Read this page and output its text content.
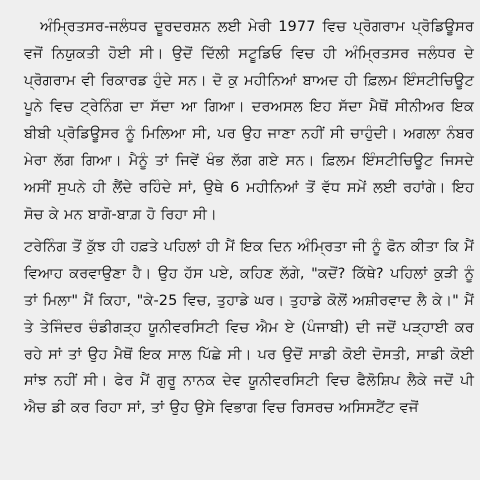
ਅੰਮ੍ਰਿਤਸਰ-ਜਲੰਧਰ ਦੂਰਦਰਸ਼ਨ ਲਈ ਮੇਰੀ 1977 ਵਿਚ ਪ੍ਰੋਗਰਾਮ ਪ੍ਰੋਡਿਊਸਰ ਵਜੋਂ ਨਿਯੁਕਤੀ ਹੋਈ ਸੀ। ਉਦੋਂ ਦਿੱਲੀ ਸਟੂਡਿਓ ਵਿਚ ਹੀ ਅੰਮ੍ਰਿਤਸਰ ਜਲੰਧਰ ਦੇ ਪ੍ਰੋਗਰਾਮ ਵੀ ਰਿਕਾਰਡ ਹੁੰਦੇ ਸਨ। ਦੋ ਕੁ ਮਹੀਨਿਆਂ ਬਾਅਦ ਹੀ ਫ਼ਿਲਮ ਇੰਸਟੀਚਿਊਟ ਪੂਨੇ ਵਿਚ ਟ੍ਰੇਨਿੰਗ ਦਾ ਸੱਦਾ ਆ ਗਿਆ। ਦਰਅਸਲ ਇਹ ਸੱਦਾ ਮੈਥੋਂ ਸੀਨੀਅਰ ਇਕ ਬੀਬੀ ਪ੍ਰੋਡਿਊਸਰ ਨੂੰ ਮਿਲਿਆ ਸੀ, ਪਰ ਉਹ ਜਾਣਾ ਨਹੀਂ ਸੀ ਚਾਹੁੰਦੀ। ਅਗਲਾ ਨੰਬਰ ਮੇਰਾ ਲੱਗ ਗਿਆ। ਮੈਨੂੰ ਤਾਂ ਜਿਵੇਂ ਖੰਭ ਲੱਗ ਗਏ ਸਨ। ਫ਼ਿਲਮ ਇੰਸਟੀਚਿਊਟ ਜਿਸਦੇ ਅਸੀਂ ਸੁਪਨੇ ਹੀ ਲੈਂਦੇ ਰਹਿੰਦੇ ਸਾਂ, ਉਥੇ 6 ਮਹੀਨਿਆਂ ਤੋਂ ਵੱਧ ਸਮੇਂ ਲਈ ਰਹਾਂਗੇ। ਇਹ ਸੋਚ ਕੇ ਮਨ ਬਾਗੋ-ਬਾਗ਼ ਹੋ ਰਿਹਾ ਸੀ।

ਟਰੇਨਿੰਗ ਤੋਂ ਕੁੱਝ ਹੀ ਹਫ਼ਤੇ ਪਹਿਲਾਂ ਹੀ ਮੈਂ ਇਕ ਦਿਨ ਅੰਮ੍ਰਿਤਾ ਜੀ ਨੂੰ ਫੋਨ ਕੀਤਾ ਕਿ ਮੈਂ ਵਿਆਹ ਕਰਵਾਉਣਾ ਹੈ। ਉਹ ਹੱਸ ਪਏ, ਕਹਿਣ ਲੱਗੇ, "ਕਦੋਂ? ਕਿੱਥੇ? ਪਹਿਲਾਂ ਕੁੜੀ ਨੂੰ ਤਾਂ ਮਿਲਾ" ਮੈਂ ਕਿਹਾ, "ਕੇ-25 ਵਿਚ, ਤੁਹਾਡੇ ਘਰ। ਤੁਹਾਡੇ ਕੋਲੋਂ ਅਸ਼ੀਰਵਾਦ ਲੈ ਕੇ।" ਮੈਂ ਤੇ ਤੇਜਿੰਦਰ ਚੰਡੀਗੜ੍ਹ ਯੂਨੀਵਰਸਿਟੀ ਵਿਚ ਐਮ ਏ (ਪੰਜਾਬੀ) ਦੀ ਜਦੋਂ ਪੜ੍ਹਾਈ ਕਰ ਰਹੇ ਸਾਂ ਤਾਂ ਉਹ ਮੈਥੋਂ ਇਕ ਸਾਲ ਪਿੱਛੇ ਸੀ। ਪਰ ਉਦੋਂ ਸਾਡੀ ਕੋਈ ਦੋਸਤੀ, ਸਾਡੀ ਕੋਈ ਸਾਂਝ ਨਹੀਂ ਸੀ। ਫੇਰ ਮੈਂ ਗੁਰੂ ਨਾਨਕ ਦੇਵ ਯੂਨੀਵਰਸਿਟੀ ਵਿਚ ਫੈਲੋਸ਼ਿਪ ਲੈਕੇ ਜਦੋਂ ਪੀ ਐਚ ਡੀ ਕਰ ਰਿਹਾ ਸਾਂ, ਤਾਂ ਉਹ ਉਸੇ ਵਿਭਾਗ ਵਿਚ ਰਿਸਰਚ ਅਸਿਸਟੈਂਟ ਵਜੋਂ
